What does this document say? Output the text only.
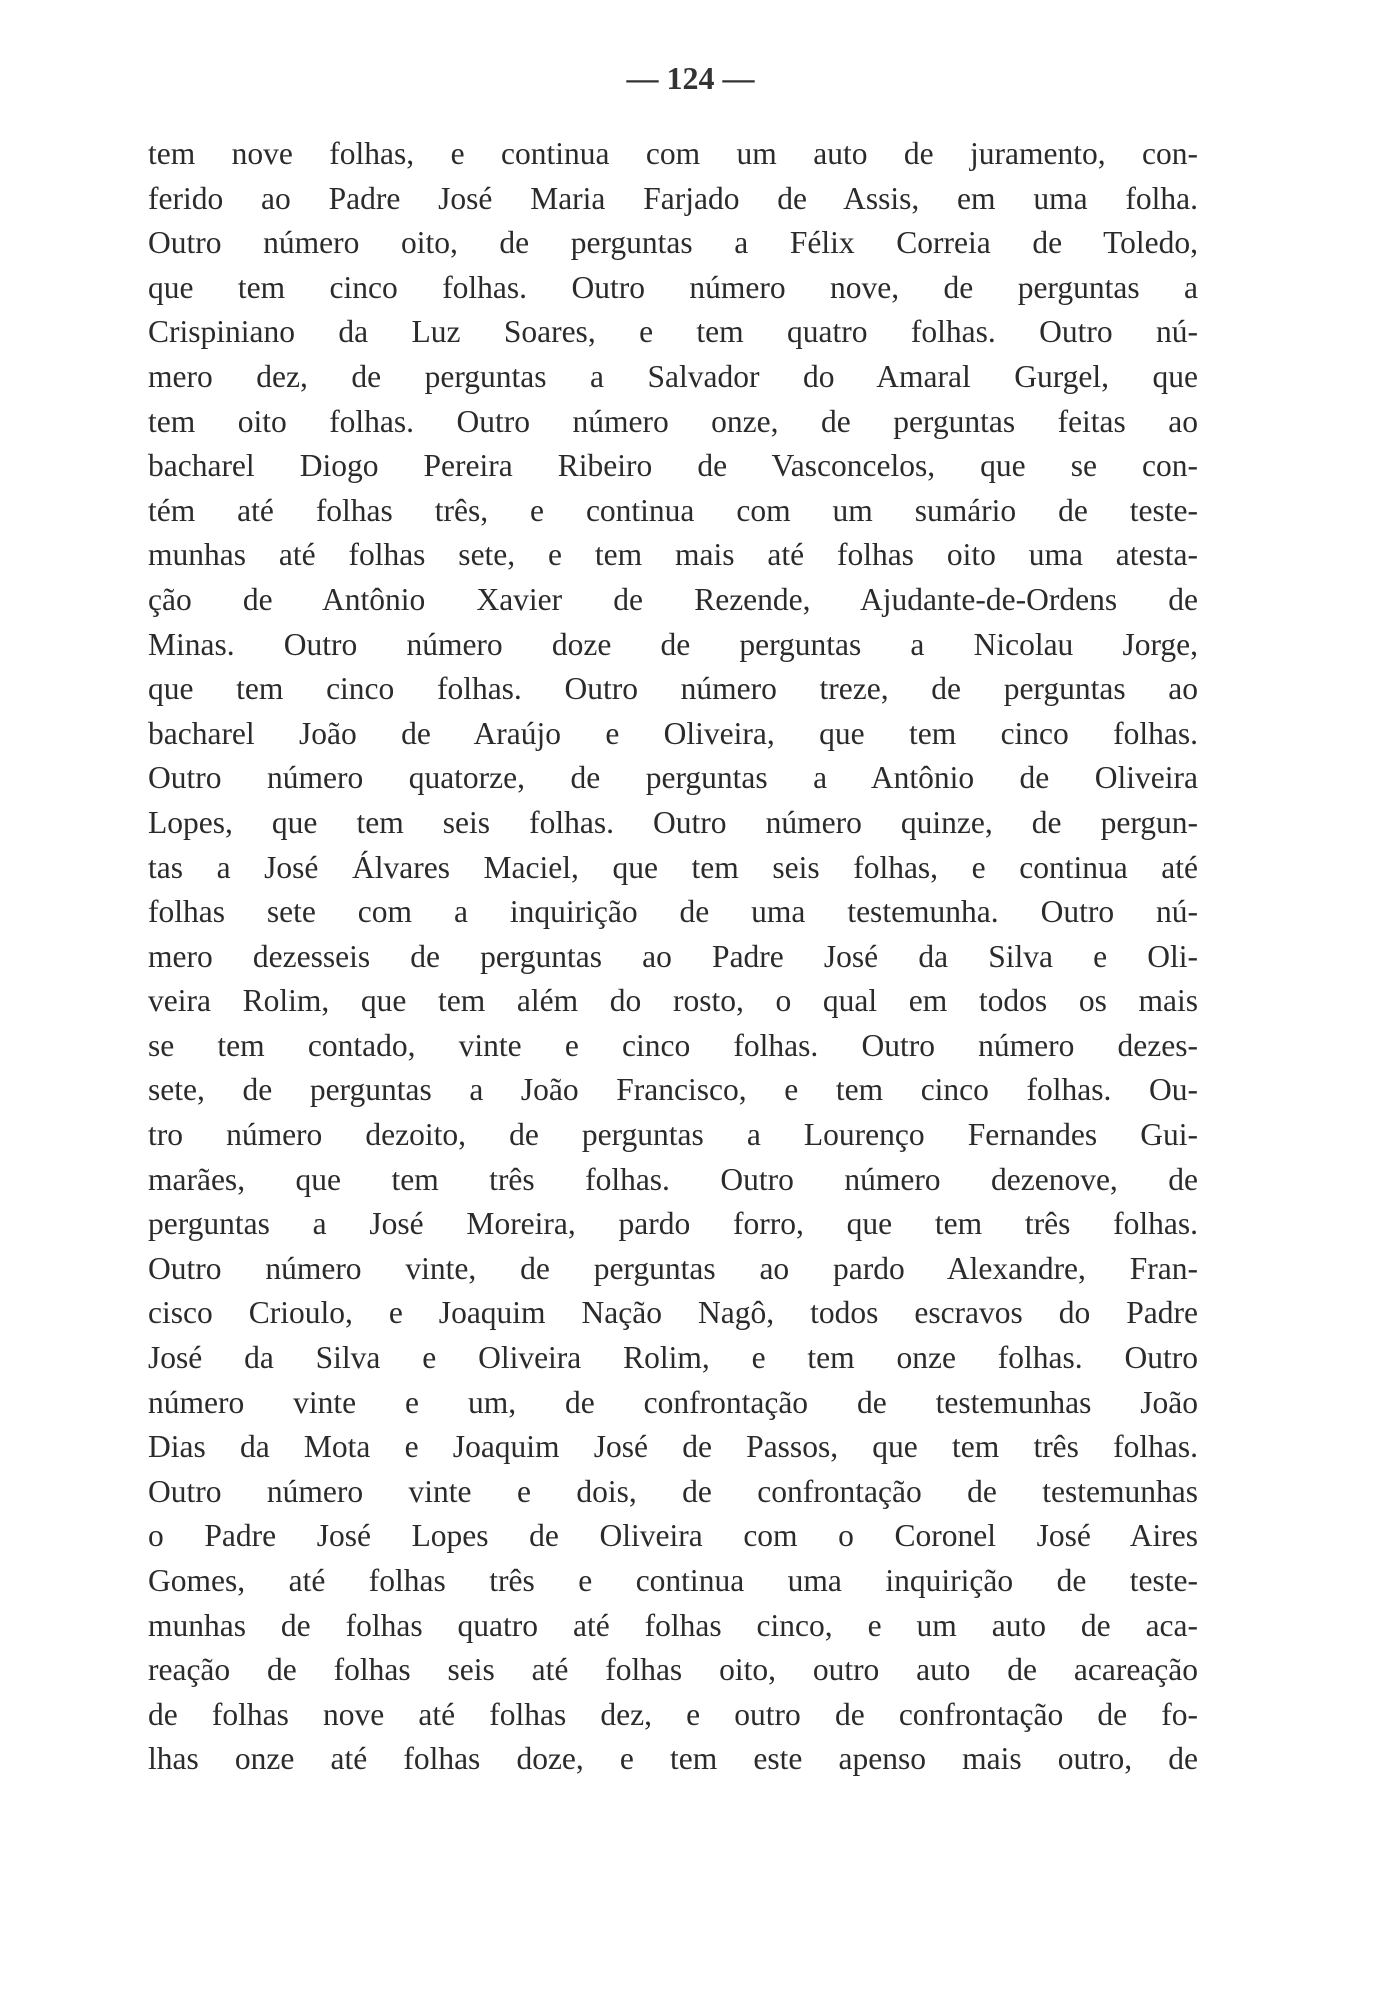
— 124 —
tem nove folhas, e continua com um auto de juramento, con-
ferido ao Padre José Maria Farjado de Assis, em uma folha.
Outro número oito, de perguntas a Félix Correia de Toledo,
que tem cinco folhas. Outro número nove, de perguntas a
Crispiniano da Luz Soares, e tem quatro folhas. Outro nú-
mero dez, de perguntas a Salvador do Amaral Gurgel, que
tem oito folhas. Outro número onze, de perguntas feitas ao
bacharel Diogo Pereira Ribeiro de Vasconcelos, que se con-
tém até folhas três, e continua com um sumário de teste-
munhas até folhas sete, e tem mais até folhas oito uma atesta-
ção de Antônio Xavier de Rezende, Ajudante-de-Ordens de
Minas. Outro número doze de perguntas a Nicolau Jorge,
que tem cinco folhas. Outro número treze, de perguntas ao
bacharel João de Araújo e Oliveira, que tem cinco folhas.
Outro número quatorze, de perguntas a Antônio de Oliveira
Lopes, que tem seis folhas. Outro número quinze, de pergun-
tas a José Álvares Maciel, que tem seis folhas, e continua até
folhas sete com a inquirição de uma testemunha. Outro nú-
mero dezesseis de perguntas ao Padre José da Silva e Oli-
veira Rolim, que tem além do rosto, o qual em todos os mais
se tem contado, vinte e cinco folhas. Outro número dezes-
sete, de perguntas a João Francisco, e tem cinco folhas. Ou-
tro número dezoito, de perguntas a Lourenço Fernandes Gui-
marães, que tem três folhas. Outro número dezenove, de
perguntas a José Moreira, pardo forro, que tem três folhas.
Outro número vinte, de perguntas ao pardo Alexandre, Fran-
cisco Crioulo, e Joaquim Nação Nagô, todos escravos do Padre
José da Silva e Oliveira Rolim, e tem onze folhas. Outro
número vinte e um, de confrontação de testemunhas João
Dias da Mota e Joaquim José de Passos, que tem três folhas.
Outro número vinte e dois, de confrontação de testemunhas
o Padre José Lopes de Oliveira com o Coronel José Aires
Gomes, até folhas três e continua uma inquirição de teste-
munhas de folhas quatro até folhas cinco, e um auto de aca-
reação de folhas seis até folhas oito, outro auto de acareação
de folhas nove até folhas dez, e outro de confrontação de fo-
lhas onze até folhas doze, e tem este apenso mais outro, de
